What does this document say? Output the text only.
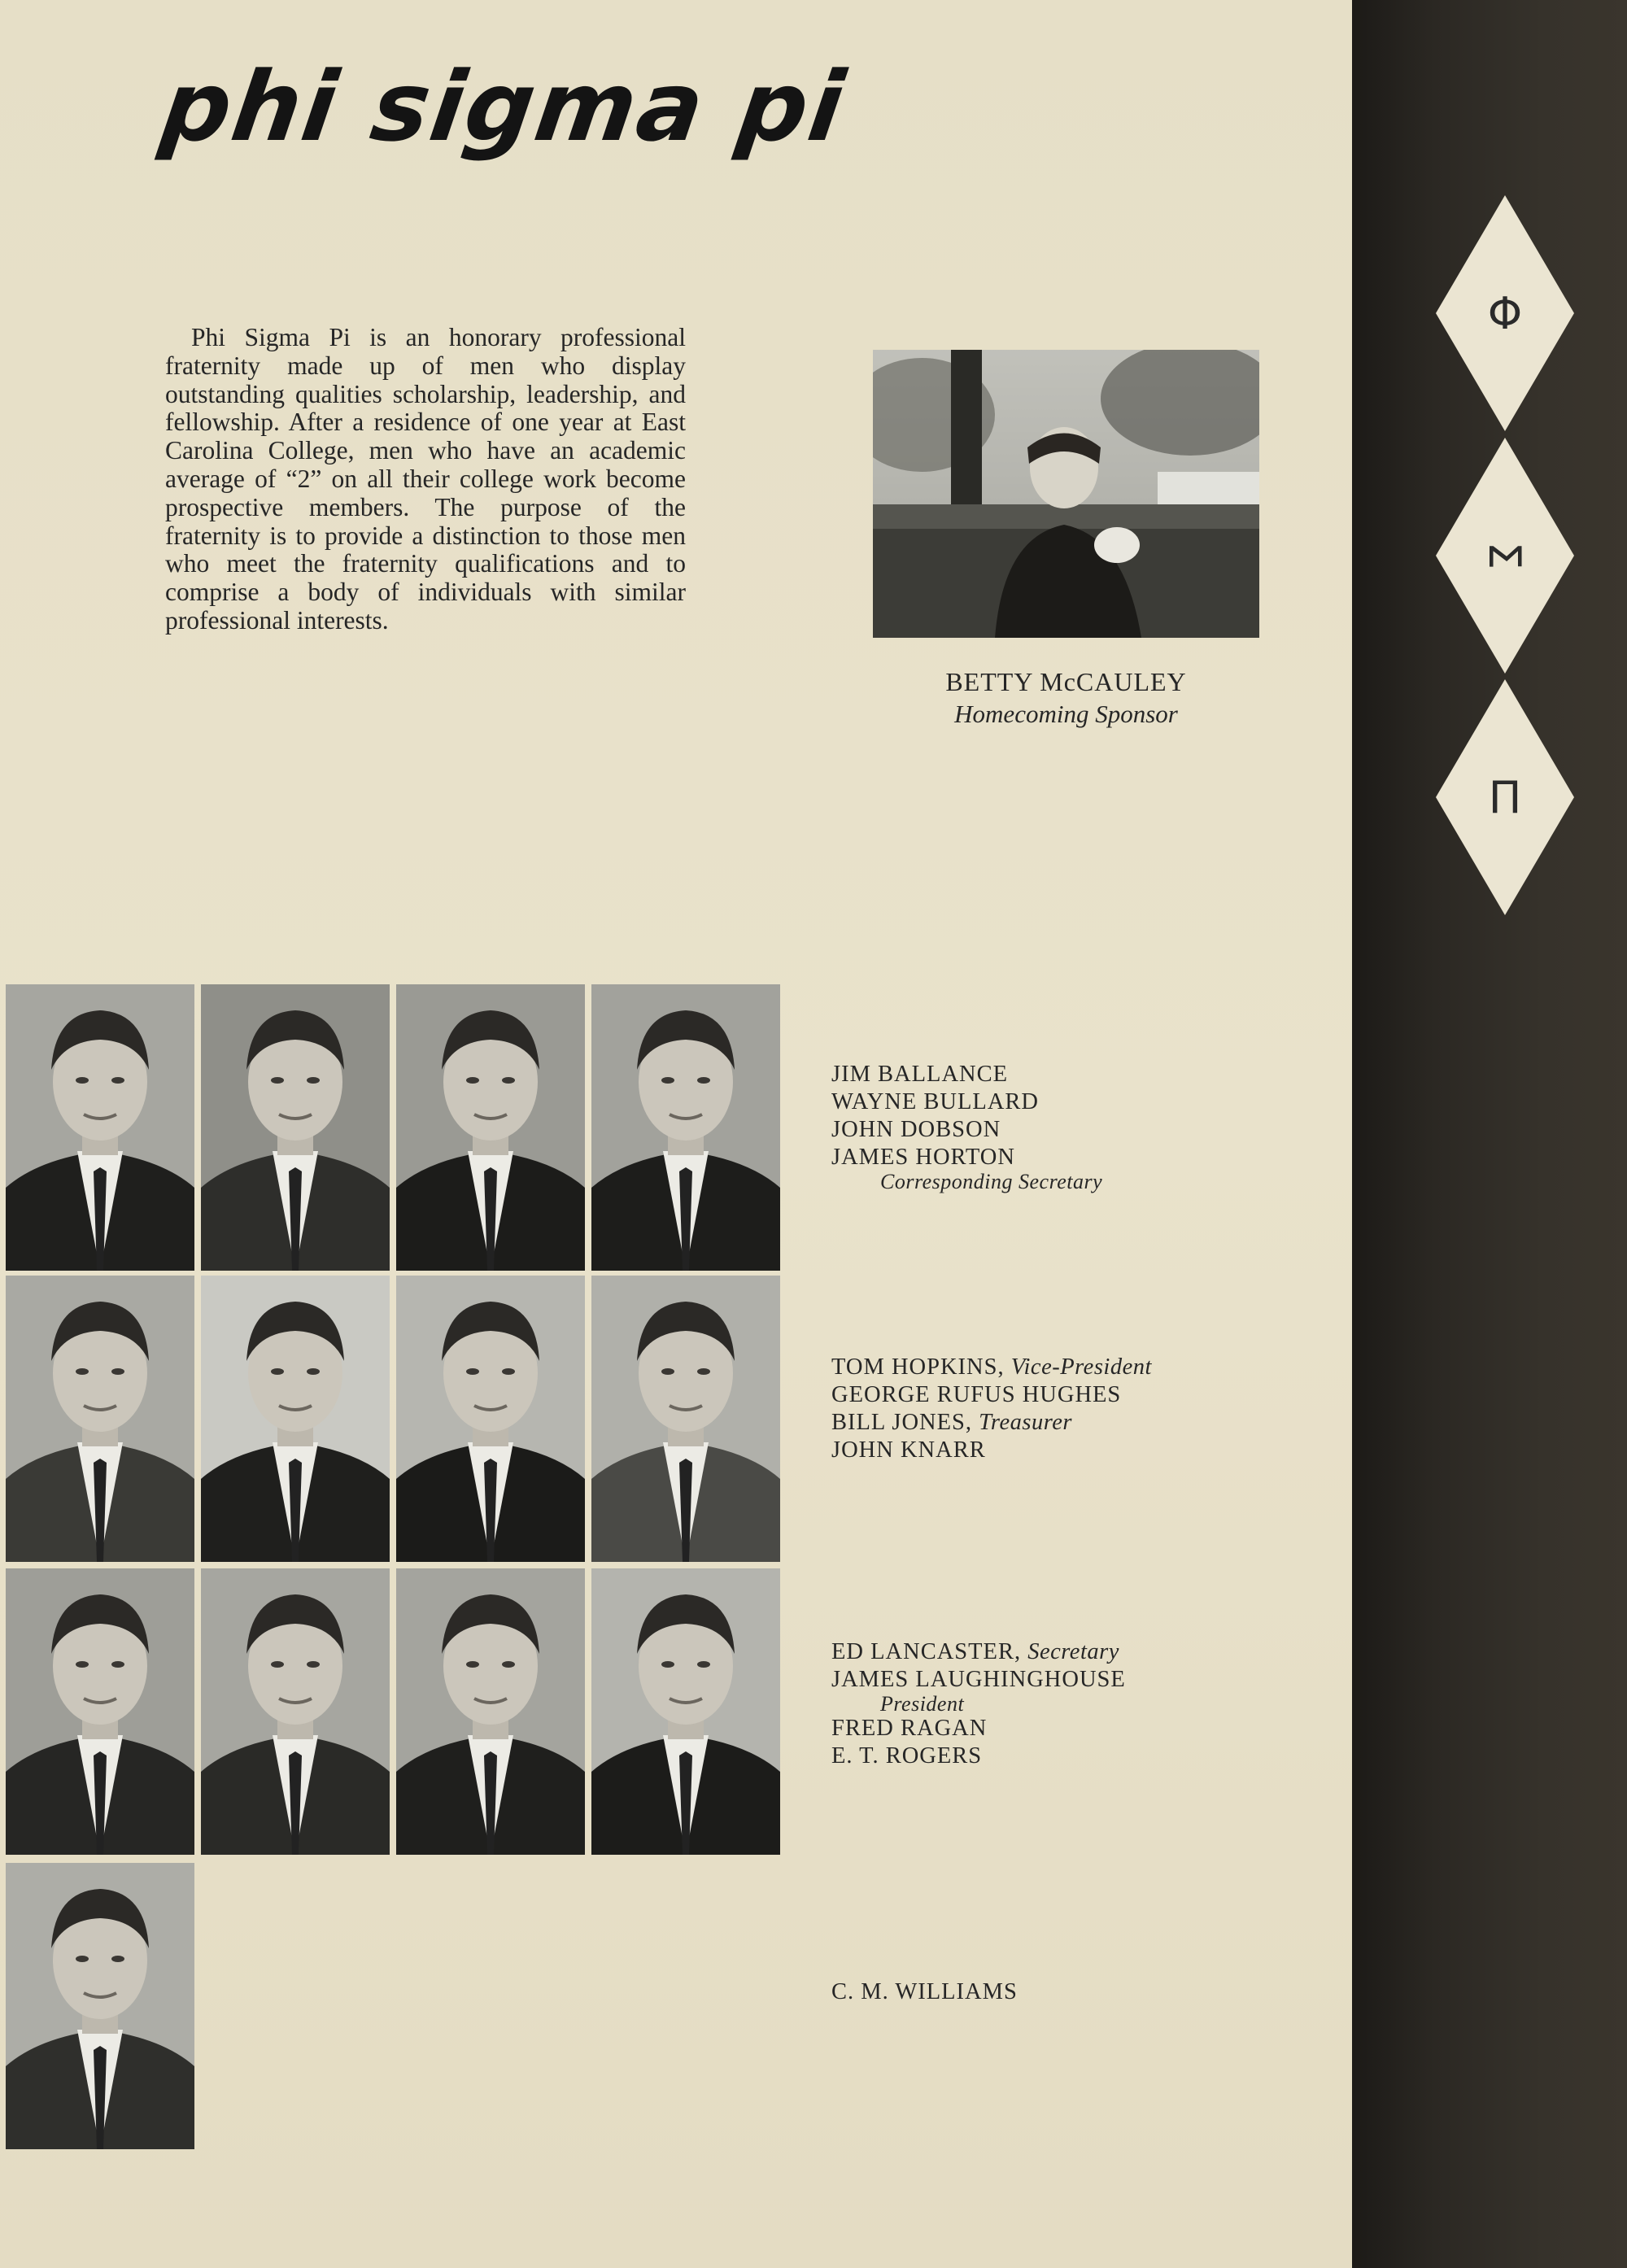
Φ
Σ
Π
phi sigma pi

Phi Sigma Pi is an honorary professional fraternity made up of men who display outstanding qualities scholarship, leadership, and fellowship. After a residence of one year at East Carolina College, men who have an academic average of “2” on all their college work become prospective members. The purpose of the fraternity is to provide a distinction to those men who meet the fraternity qualifications and to comprise a body of individuals with similar professional interests.

BETTY McCAULEY
Homecoming Sponsor
JIM BALLANCE
WAYNE BULLARD
JOHN DOBSON
JAMES HORTON
Corresponding Secretary
TOM HOPKINS, Vice-President
GEORGE RUFUS HUGHES
BILL JONES, Treasurer
JOHN KNARR
ED LANCASTER, Secretary
JAMES LAUGHINGHOUSE
President
FRED RAGAN
E. T. ROGERS
C. M. WILLIAMS
